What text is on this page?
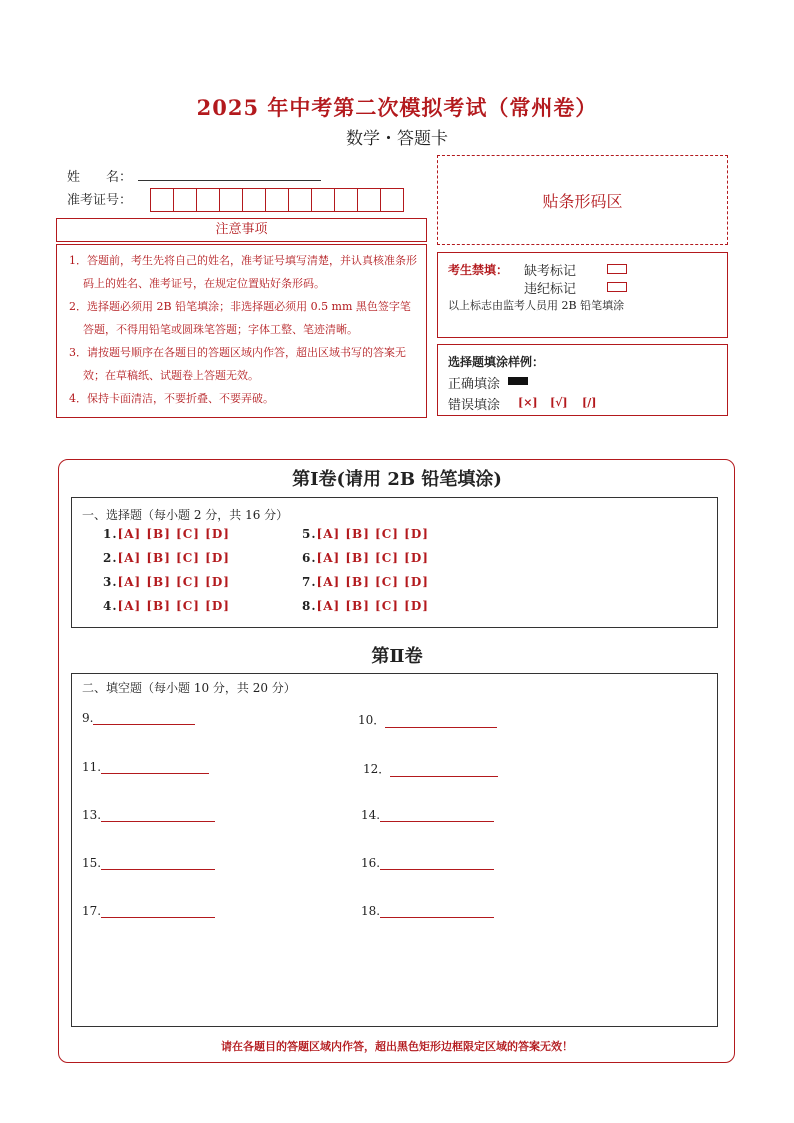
2025 年中考第二次模拟考试（常州卷）
数学・答题卡
姓　　名：
准考证号：	贴条形码区
注意事项
1．答题前，考生先将自己的姓名，准考证号填写清楚，并认真核准条形码上的姓名、准考证号，在规定位置贴好条形码。
2．选择题必须用 2B 铅笔填涂；非选择题必须用 0.5 mm 黑色签字笔答题，不得用铅笔或圆珠笔答题；字体工整、笔迹清晰。
3．请按题号顺序在各题目的答题区域内作答，超出区域书写的答案无效；在草稿纸、试题卷上答题无效。
4．保持卡面清洁，不要折叠、不要弄破。
考生禁填： 缺考标记
违纪标记
以上标志由监考人员用 2B 铅笔填涂
选择题填涂样例：
正确填涂
错误填涂 [×] [√] [/]
第Ⅰ卷(请用 2B 铅笔填涂)
一、选择题（每小题 2 分，共 16 分）
1.[A] [B] [C] [D]
2.[A] [B] [C] [D]
3.[A] [B] [C] [D]
4.[A] [B] [C] [D]
5.[A] [B] [C] [D]
6.[A] [B] [C] [D]
7.[A] [B] [C] [D]
8.[A] [B] [C] [D]
第Ⅱ卷
二、填空题（每小题 10 分，共 20 分）
9.	10．
11.	12．
13.	14.
15.	16.
17.	18.
请在各题目的答题区域内作答，超出黑色矩形边框限定区域的答案无效！
